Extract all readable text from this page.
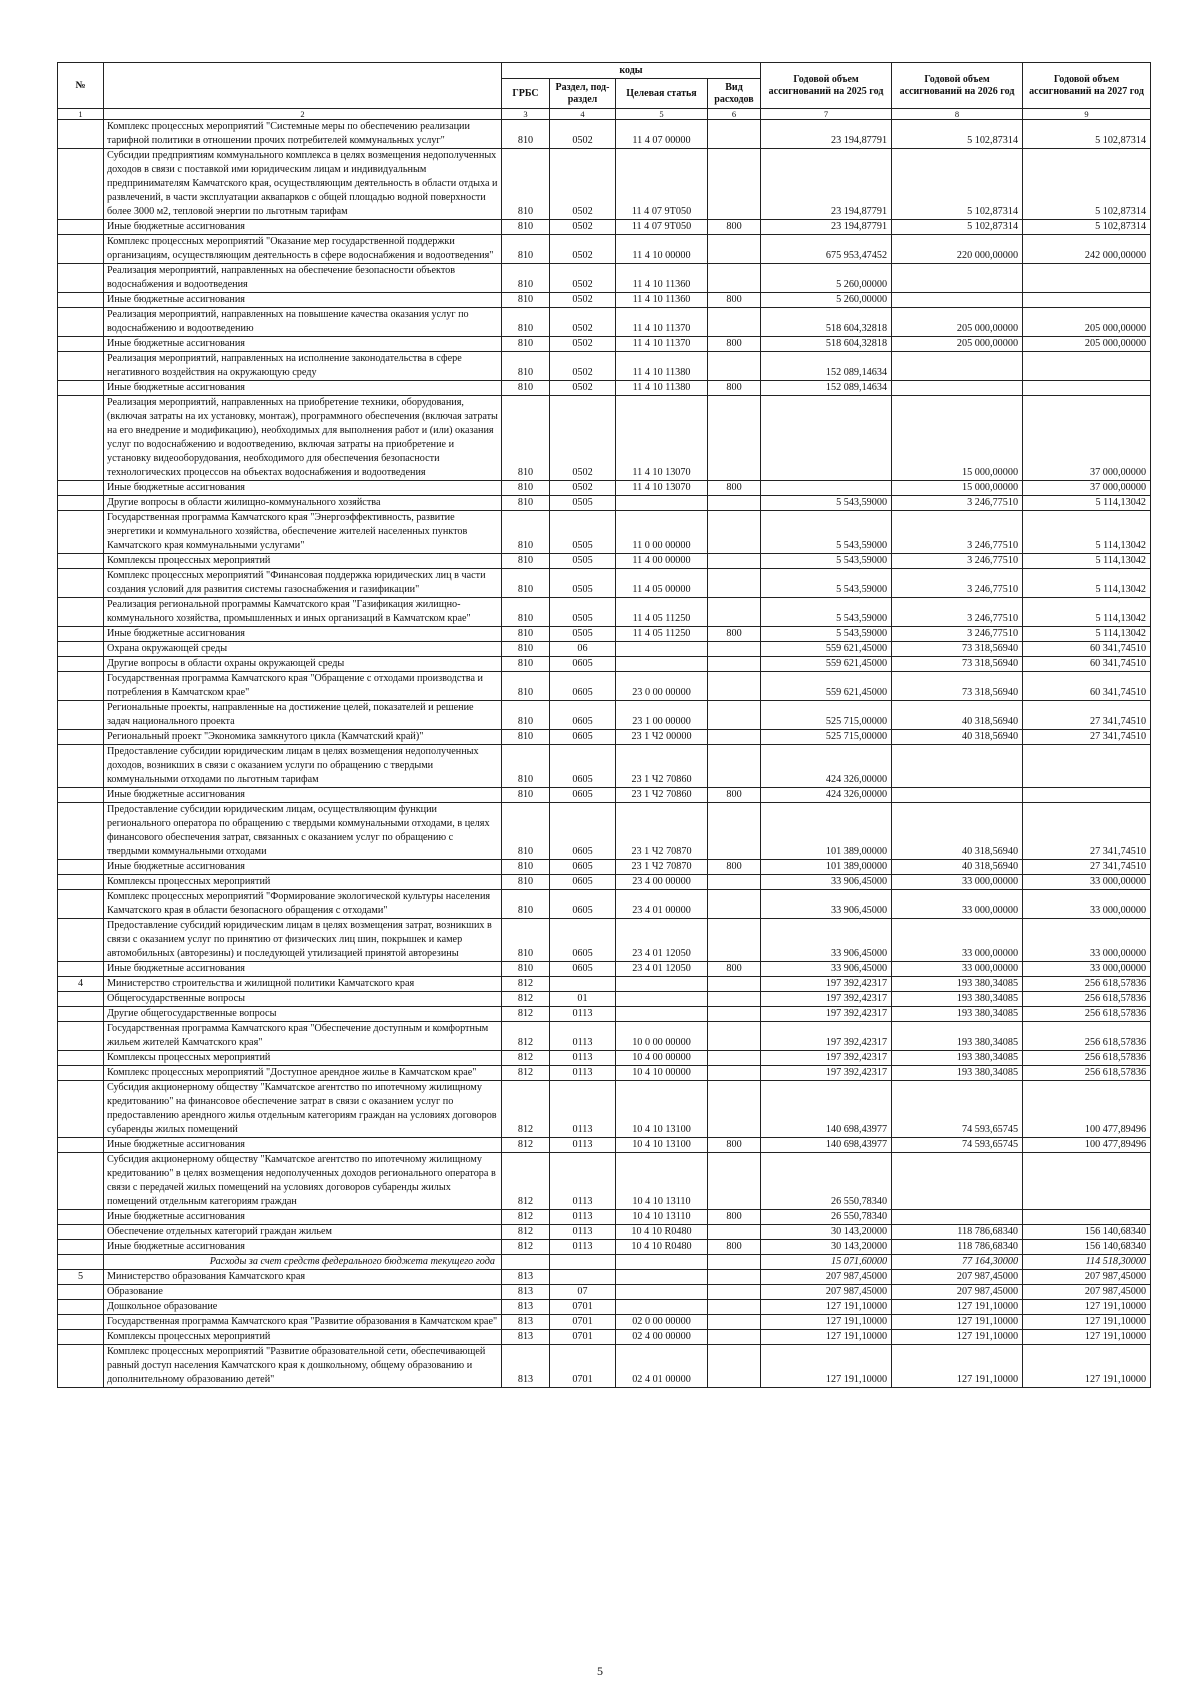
№		коды				Годовой объем ассигнований на 2025 год	Годовой объем ассигнований на 2026 год	Годовой объем ассигнований на 2027 год
		ГРБС	Раздел, под-раздел	Целевая статья	Вид расходов			
1	2	3	4	5	6	7	8	9
	Комплекс процессных мероприятий "Системные меры по обеспечению реализации тарифной политики в отношении прочих потребителей коммунальных услуг"	810	0502	11 4 07 00000		23 194,87791	5 102,87314	5 102,87314
	Субсидии предприятиям коммунального комплекса в целях возмещения недополученных доходов в связи с поставкой ими юридическим лицам и индивидуальным предпринимателям Камчатского края, осуществляющим деятельность в области отдыха и развлечений, в части эксплуатации аквапарков с общей площадью водной поверхности более 3000 м2, тепловой энергии по льготным тарифам	810	0502	11 4 07 9Т050		23 194,87791	5 102,87314	5 102,87314
	Иные бюджетные ассигнования	810	0502	11 4 07 9Т050	800	23 194,87791	5 102,87314	5 102,87314
	Комплекс процессных мероприятий "Оказание мер государственной поддержки организациям, осуществляющим деятельность в сфере водоснабжения и водоотведения"	810	0502	11 4 10 00000		675 953,47452	220 000,00000	242 000,00000
	Реализация мероприятий, направленных на обеспечение безопасности объектов водоснабжения и водоотведения	810	0502	11 4 10 11360		5 260,00000		
	Иные бюджетные ассигнования	810	0502	11 4 10 11360	800	5 260,00000		
	Реализация мероприятий, направленных на повышение качества оказания услуг по водоснабжению и водоотведению	810	0502	11 4 10 11370		518 604,32818	205 000,00000	205 000,00000
	Иные бюджетные ассигнования	810	0502	11 4 10 11370	800	518 604,32818	205 000,00000	205 000,00000
	Реализация мероприятий, направленных на исполнение законодательства в сфере негативного воздействия на окружающую среду	810	0502	11 4 10 11380		152 089,14634		
	Иные бюджетные ассигнования	810	0502	11 4 10 11380	800	152 089,14634		
	Реализация мероприятий, направленных на приобретение техники, оборудования, (включая затраты на их установку, монтаж), программного обеспечения (включая затраты на его внедрение и модификацию), необходимых для выполнения работ и (или) оказания услуг по водоснабжению и водоотведению, включая затраты на приобретение и установку видеооборудования, необходимого для обеспечения безопасности технологических процессов на объектах водоснабжения и водоотведения	810	0502	11 4 10 13070			15 000,00000	37 000,00000
	Иные бюджетные ассигнования	810	0502	11 4 10 13070	800		15 000,00000	37 000,00000
	Другие вопросы в области жилищно-коммунального хозяйства	810	0505			5 543,59000	3 246,77510	5 114,13042
	Государственная программа Камчатского края "Энергоэффективность, развитие энергетики и коммунального хозяйства, обеспечение жителей населенных пунктов Камчатского края коммунальными услугами"	810	0505	11 0 00 00000		5 543,59000	3 246,77510	5 114,13042
	Комплексы процессных мероприятий	810	0505	11 4 00 00000		5 543,59000	3 246,77510	5 114,13042
	Комплекс процессных мероприятий "Финансовая поддержка юридических лиц в части создания условий для развития системы газоснабжения и газификации"	810	0505	11 4 05 00000		5 543,59000	3 246,77510	5 114,13042
	Реализация региональной программы Камчатского края "Газификация жилищно-коммунального хозяйства, промышленных и иных организаций в Камчатском крае"	810	0505	11 4 05 11250		5 543,59000	3 246,77510	5 114,13042
	Иные бюджетные ассигнования	810	0505	11 4 05 11250	800	5 543,59000	3 246,77510	5 114,13042
	Охрана окружающей среды	810	06			559 621,45000	73 318,56940	60 341,74510
	Другие вопросы в области охраны окружающей среды	810	0605			559 621,45000	73 318,56940	60 341,74510
	Государственная программа Камчатского края "Обращение с отходами производства и потребления в Камчатском крае"	810	0605	23 0 00 00000		559 621,45000	73 318,56940	60 341,74510
	Региональные проекты, направленные на достижение целей, показателей и решение задач национального проекта	810	0605	23 1 00 00000		525 715,00000	40 318,56940	27 341,74510
	Региональный проект "Экономика замкнутого цикла (Камчатский край)"	810	0605	23 1 Ч2 00000		525 715,00000	40 318,56940	27 341,74510
	Предоставление субсидии юридическим лицам в целях возмещения недополученных доходов, возникших в связи с оказанием услуги по обращению с твердыми коммунальными отходами по льготным тарифам	810	0605	23 1 Ч2 70860		424 326,00000		
	Иные бюджетные ассигнования	810	0605	23 1 Ч2 70860	800	424 326,00000		
	Предоставление субсидии юридическим лицам, осуществляющим функции регионального оператора по обращению с твердыми коммунальными отходами, в целях финансового обеспечения затрат, связанных с оказанием услуг по обращению с твердыми коммунальными отходами	810	0605	23 1 Ч2 70870		101 389,00000	40 318,56940	27 341,74510
	Иные бюджетные ассигнования	810	0605	23 1 Ч2 70870	800	101 389,00000	40 318,56940	27 341,74510
	Комплексы процессных мероприятий	810	0605	23 4 00 00000		33 906,45000	33 000,00000	33 000,00000
	Комплекс процессных мероприятий "Формирование экологической культуры населения Камчатского края в области безопасного обращения с отходами"	810	0605	23 4 01 00000		33 906,45000	33 000,00000	33 000,00000
	Предоставление субсидий юридическим лицам в целях возмещения затрат, возникших в связи с оказанием услуг по принятию от физических лиц шин, покрышек и камер автомобильных (авторезины) и последующей утилизацией принятой авторезины	810	0605	23 4 01 12050		33 906,45000	33 000,00000	33 000,00000
	Иные бюджетные ассигнования	810	0605	23 4 01 12050	800	33 906,45000	33 000,00000	33 000,00000
4	Министерство строительства и жилищной политики Камчатского края	812				197 392,42317	193 380,34085	256 618,57836
	Общегосударственные вопросы	812	01			197 392,42317	193 380,34085	256 618,57836
	Другие общегосударственные вопросы	812	0113			197 392,42317	193 380,34085	256 618,57836
	Государственная программа Камчатского края "Обеспечение доступным и комфортным жильем жителей Камчатского края"	812	0113	10 0 00 00000		197 392,42317	193 380,34085	256 618,57836
	Комплексы процессных мероприятий	812	0113	10 4 00 00000		197 392,42317	193 380,34085	256 618,57836
	Комплекс процессных мероприятий "Доступное арендное жилье в Камчатском крае"	812	0113	10 4 10 00000		197 392,42317	193 380,34085	256 618,57836
	Субсидия акционерному обществу "Камчатское агентство по ипотечному жилищному кредитованию" на финансовое обеспечение затрат в связи с оказанием услуг по предоставлению арендного жилья отдельным категориям граждан на условиях договоров субаренды жилых помещений	812	0113	10 4 10 13100		140 698,43977	74 593,65745	100 477,89496
	Иные бюджетные ассигнования	812	0113	10 4 10 13100	800	140 698,43977	74 593,65745	100 477,89496
	Субсидия акционерному обществу "Камчатское агентство по ипотечному жилищному кредитованию" в целях возмещения недополученных доходов регионального оператора в связи с передачей жилых помещений на условиях договоров субаренды жилых помещений отдельным категориям граждан	812	0113	10 4 10 13110		26 550,78340		
	Иные бюджетные ассигнования	812	0113	10 4 10 13110	800	26 550,78340		
	Обеспечение отдельных категорий граждан жильем	812	0113	10 4 10 R0480		30 143,20000	118 786,68340	156 140,68340
	Иные бюджетные ассигнования	812	0113	10 4 10 R0480	800	30 143,20000	118 786,68340	156 140,68340
	Расходы за счет средств федерального бюджета текущего года					15 071,60000	77 164,30000	114 518,30000
5	Министерство образования Камчатского края	813				207 987,45000	207 987,45000	207 987,45000
	Образование	813	07			207 987,45000	207 987,45000	207 987,45000
	Дошкольное образование	813	0701			127 191,10000	127 191,10000	127 191,10000
	Государственная программа Камчатского края "Развитие образования в Камчатском крае"	813	0701	02 0 00 00000		127 191,10000	127 191,10000	127 191,10000
	Комплексы процессных мероприятий	813	0701	02 4 00 00000		127 191,10000	127 191,10000	127 191,10000
	Комплекс процессных мероприятий "Развитие образовательной сети, обеспечивающей равный доступ населения Камчатского края к дошкольному, общему образованию и дополнительному образованию детей"	813	0701	02 4 01 00000		127 191,10000	127 191,10000	127 191,10000
5
